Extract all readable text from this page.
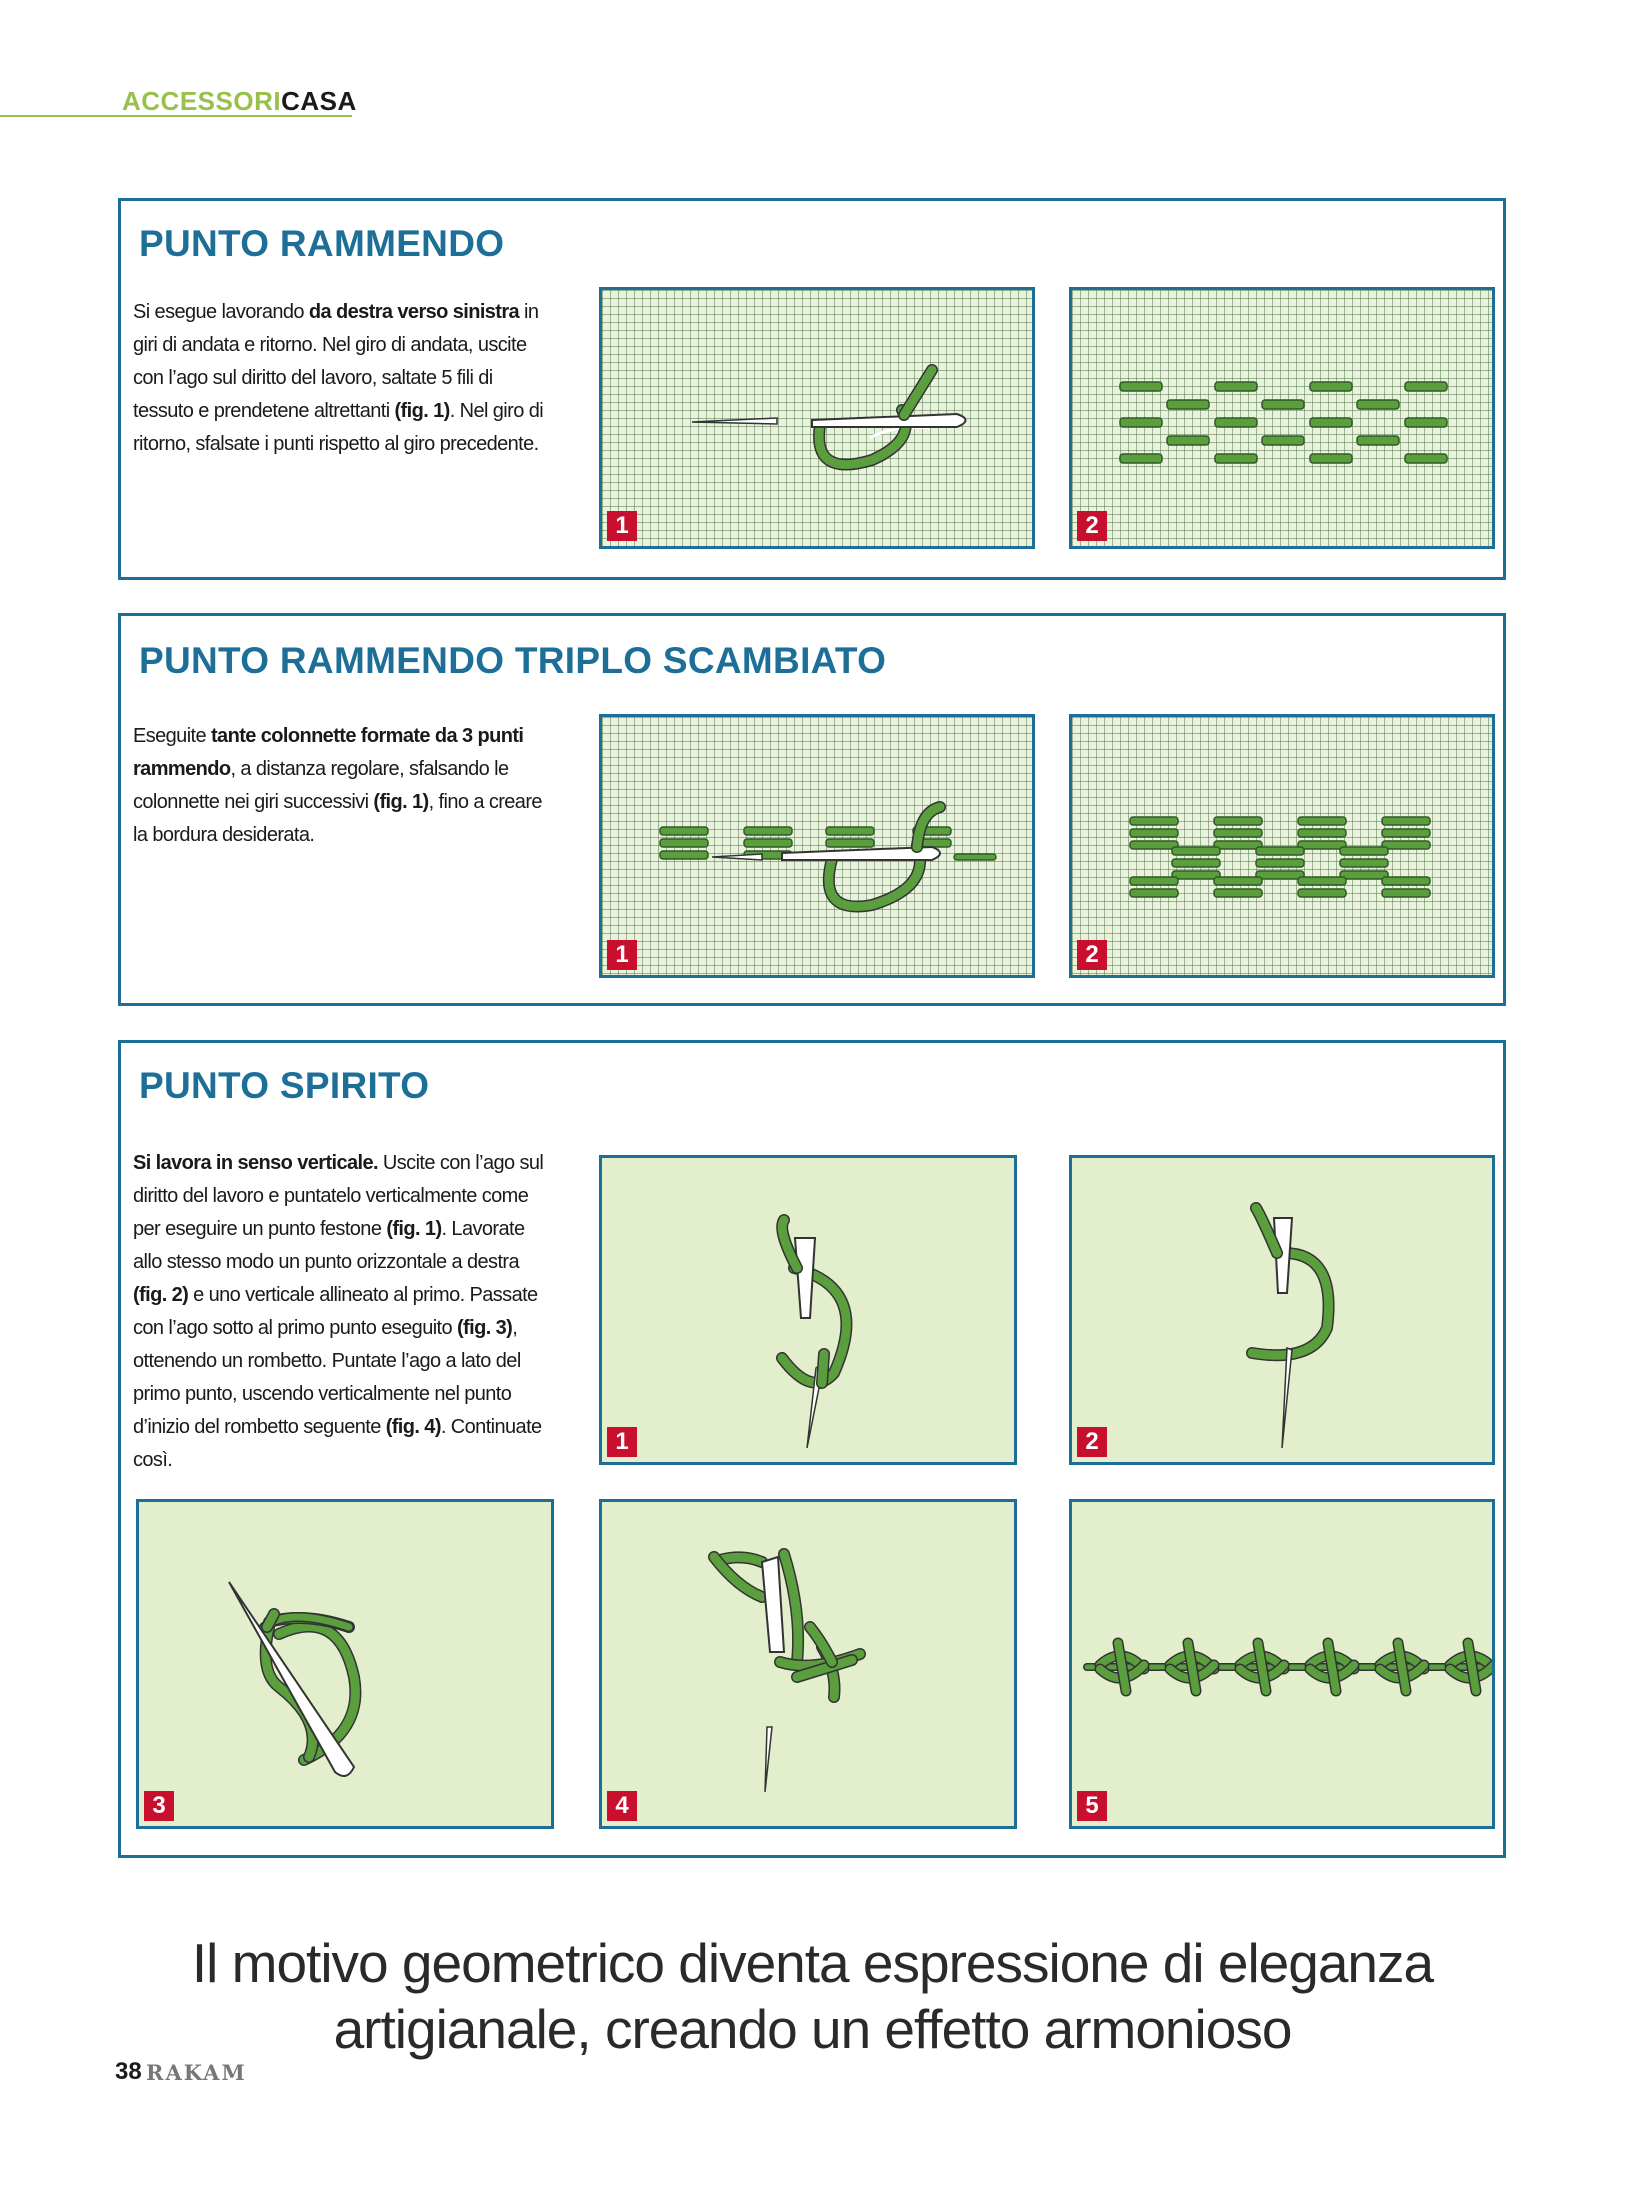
ACCESSORICASA
PUNTO RAMMENDO
Si esegue lavorando da destra verso sinistra in giri di andata e ritorno. Nel giro di andata, uscite con l’ago sul diritto del lavoro, saltate 5 fili di tessuto e prendetene altrettanti (fig. 1). Nel giro di ritorno, sfalsate i punti rispetto al giro precedente.
1	2
PUNTO RAMMENDO TRIPLO SCAMBIATO
Eseguite tante colonnette formate da 3 punti rammendo, a distanza regolare, sfalsando le colonnette nei giri successivi (fig. 1), fino a creare la bordura desiderata.
1	2
PUNTO SPIRITO
Si lavora in senso verticale. Uscite con l’ago sul diritto del lavoro e puntatelo verticalmente come per eseguire un punto festone (fig. 1). Lavorate allo stesso modo un punto orizzontale a destra (fig. 2) e uno verticale allineato al primo. Passate con l’ago sotto al primo punto eseguito (fig. 3), ottenendo un rombetto. Puntate l’ago a lato del primo punto, uscendo verticalmente nel punto d’inizio del rombetto seguente (fig. 4). Continuate così.
1	2
3	4	5
Il motivo geometrico diventa espressione di eleganza
artigianale, creando un effetto armonioso
38 RAKAM
